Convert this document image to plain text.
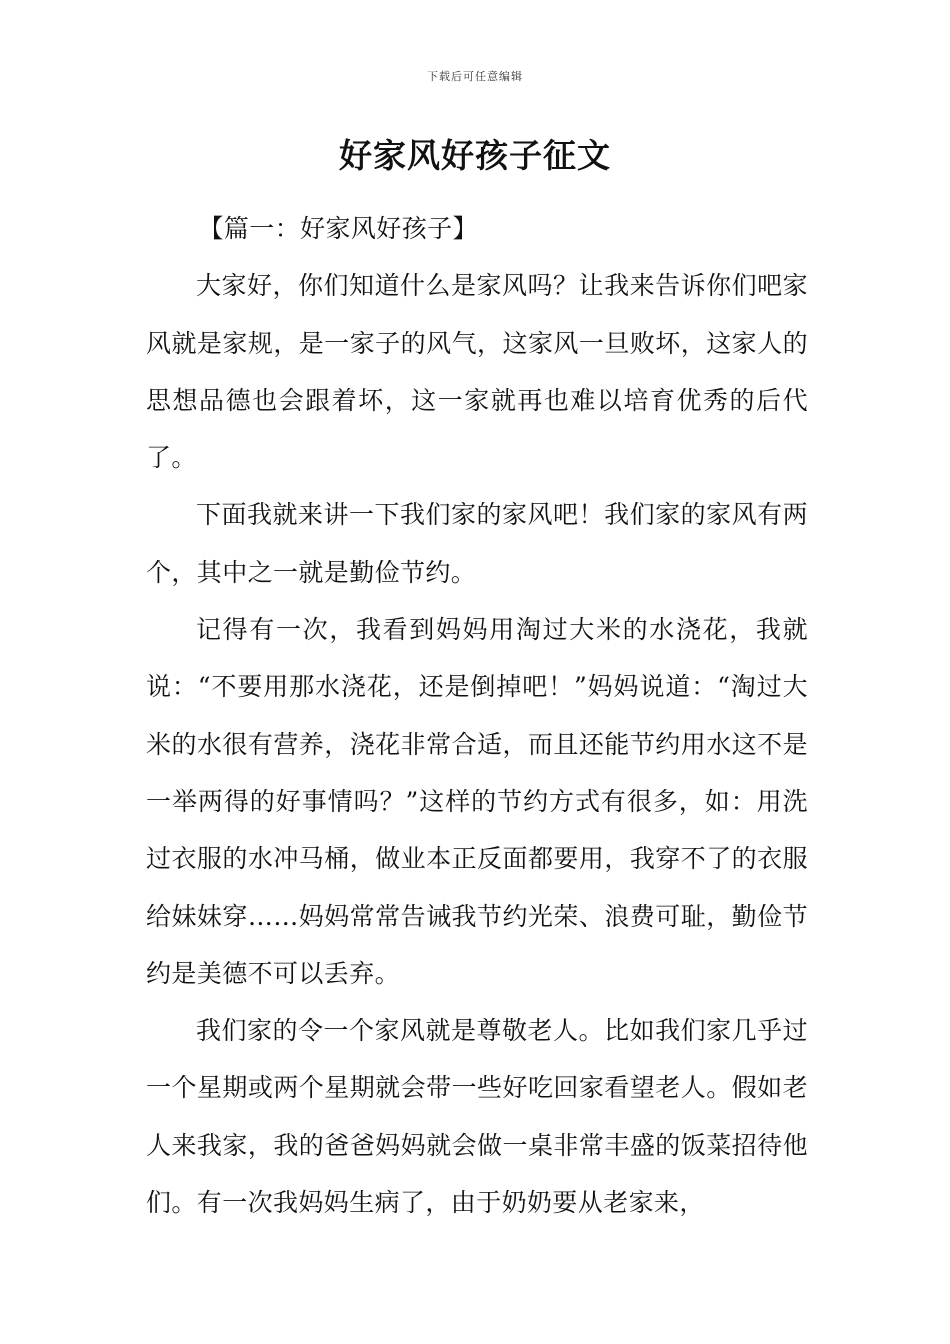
下载后可任意编辑
好家风好孩子征文

【篇一：好家风好孩子】

大家好，你们知道什么是家风吗？让我来告诉你们吧家风就是家规，是一家子的风气，这家风一旦败坏，这家人的思想品德也会跟着坏，这一家就再也难以培育优秀的后代了。

下面我就来讲一下我们家的家风吧！我们家的家风有两个，其中之一就是勤俭节约。

记得有一次，我看到妈妈用淘过大米的水浇花，我就说：“不要用那水浇花，还是倒掉吧！”妈妈说道：“淘过大米的水很有营养，浇花非常合适，而且还能节约用水这不是一举两得的好事情吗？”这样的节约方式有很多，如：用洗过衣服的水冲马桶，做业本正反面都要用，我穿不了的衣服给妹妹穿……妈妈常常告诫我节约光荣、浪费可耻，勤俭节约是美德不可以丢弃。

我们家的令一个家风就是尊敬老人。比如我们家几乎过一个星期或两个星期就会带一些好吃回家看望老人。假如老人来我家，我的爸爸妈妈就会做一桌非常丰盛的饭菜招待他们。有一次我妈妈生病了，由于奶奶要从老家来，
